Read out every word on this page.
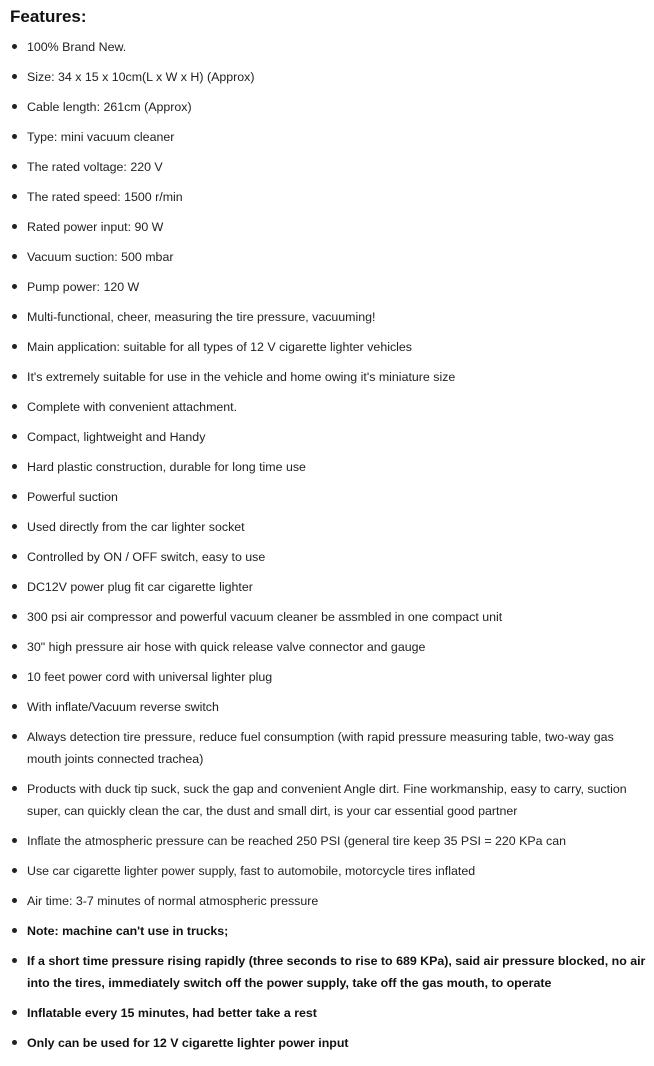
Features:
100% Brand New.
Size: 34 x 15 x 10cm(L x W x H) (Approx)
Cable length: 261cm (Approx)
Type: mini vacuum cleaner
The rated voltage: 220 V
The rated speed: 1500 r/min
Rated power input: 90 W
Vacuum suction: 500 mbar
Pump power: 120 W
Multi-functional, cheer, measuring the tire pressure, vacuuming!
Main application: suitable for all types of 12 V cigarette lighter vehicles
It's extremely suitable for use in the vehicle and home owing it's miniature size
Complete with convenient attachment.
Compact, lightweight and Handy
Hard plastic construction, durable for long time use
Powerful suction
Used directly from the car lighter socket
Controlled by ON / OFF switch, easy to use
DC12V power plug fit car cigarette lighter
300 psi air compressor and powerful vacuum cleaner be assmbled in one compact unit
30" high pressure air hose with quick release valve connector and gauge
10 feet power cord with universal lighter plug
With inflate/Vacuum reverse switch
Always detection tire pressure, reduce fuel consumption (with rapid pressure measuring table, two-way gas mouth joints connected trachea)
Products with duck tip suck, suck the gap and convenient Angle dirt. Fine workmanship, easy to carry, suction super, can quickly clean the car, the dust and small dirt, is your car essential good partner
Inflate the atmospheric pressure can be reached 250 PSI (general tire keep 35 PSI = 220 KPa can
Use car cigarette lighter power supply, fast to automobile, motorcycle tires inflated
Air time: 3-7 minutes of normal atmospheric pressure
Note: machine can't use in trucks;
If a short time pressure rising rapidly (three seconds to rise to 689 KPa), said air pressure blocked, no air into the tires, immediately switch off the power supply, take off the gas mouth, to operate
Inflatable every 15 minutes, had better take a rest
Only can be used for 12 V cigarette lighter power input
